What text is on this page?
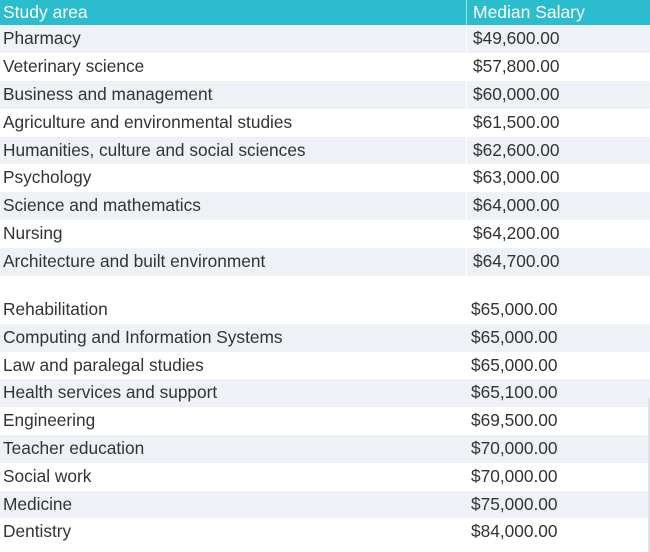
Study area	Median Salary
Pharmacy	$49,600.00
Veterinary science	$57,800.00
Business and management	$60,000.00
Agriculture and environmental studies	$61,500.00
Humanities, culture and social sciences	$62,600.00
Psychology	$63,000.00
Science and mathematics	$64,000.00
Nursing	$64,200.00
Architecture and built environment	$64,700.00
Rehabilitation	$65,000.00
Computing and Information Systems	$65,000.00
Law and paralegal studies	$65,000.00
Health services and support	$65,100.00
Engineering	$69,500.00
Teacher education	$70,000.00
Social work	$70,000.00
Medicine	$75,000.00
Dentistry	$84,000.00
